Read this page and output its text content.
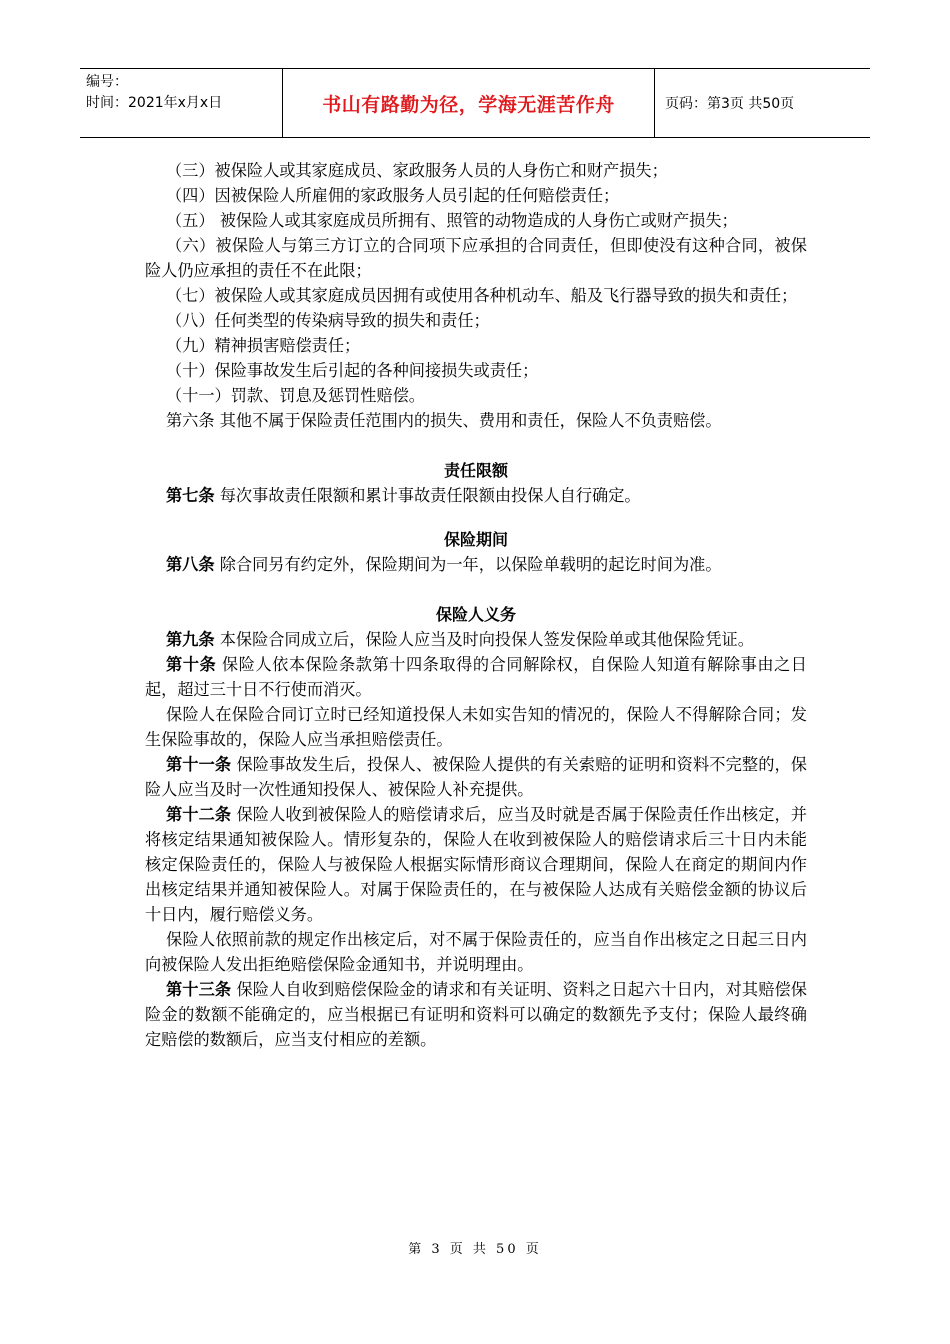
编号：
时间：2021年x月x日	书山有路勤为径，学海无涯苦作舟	页码：第3页 共50页

（三）被保险人或其家庭成员、家政服务人员的人身伤亡和财产损失；

（四）因被保险人所雇佣的家政服务人员引起的任何赔偿责任；

（五） 被保险人或其家庭成员所拥有、照管的动物造成的人身伤亡或财产损失；

（六）被保险人与第三方订立的合同项下应承担的合同责任，但即使没有这种合同，被保险人仍应承担的责任不在此限；

（七）被保险人或其家庭成员因拥有或使用各种机动车、船及飞行器导致的损失和责任；

（八）任何类型的传染病导致的损失和责任；

（九）精神损害赔偿责任；

（十）保险事故发生后引起的各种间接损失或责任；

（十一）罚款、罚息及惩罚性赔偿。

第六条 其他不属于保险责任范围内的损失、费用和责任，保险人不负责赔偿。

责任限额

第七条 每次事故责任限额和累计事故责任限额由投保人自行确定。

保险期间

第八条 除合同另有约定外，保险期间为一年，以保险单载明的起讫时间为准。

保险人义务

第九条 本保险合同成立后，保险人应当及时向投保人签发保险单或其他保险凭证。

第十条 保险人依本保险条款第十四条取得的合同解除权，自保险人知道有解除事由之日起，超过三十日不行使而消灭。

保险人在保险合同订立时已经知道投保人未如实告知的情况的，保险人不得解除合同；发生保险事故的，保险人应当承担赔偿责任。

第十一条 保险事故发生后，投保人、被保险人提供的有关索赔的证明和资料不完整的，保险人应当及时一次性通知投保人、被保险人补充提供。

第十二条 保险人收到被保险人的赔偿请求后，应当及时就是否属于保险责任作出核定，并将核定结果通知被保险人。情形复杂的，保险人在收到被保险人的赔偿请求后三十日内未能核定保险责任的，保险人与被保险人根据实际情形商议合理期间，保险人在商定的期间内作出核定结果并通知被保险人。对属于保险责任的，在与被保险人达成有关赔偿金额的协议后十日内，履行赔偿义务。

保险人依照前款的规定作出核定后，对不属于保险责任的，应当自作出核定之日起三日内向被保险人发出拒绝赔偿保险金通知书，并说明理由。

第十三条 保险人自收到赔偿保险金的请求和有关证明、资料之日起六十日内，对其赔偿保险金的数额不能确定的，应当根据已有证明和资料可以确定的数额先予支付；保险人最终确定赔偿的数额后，应当支付相应的差额。

第 3 页 共 50 页
